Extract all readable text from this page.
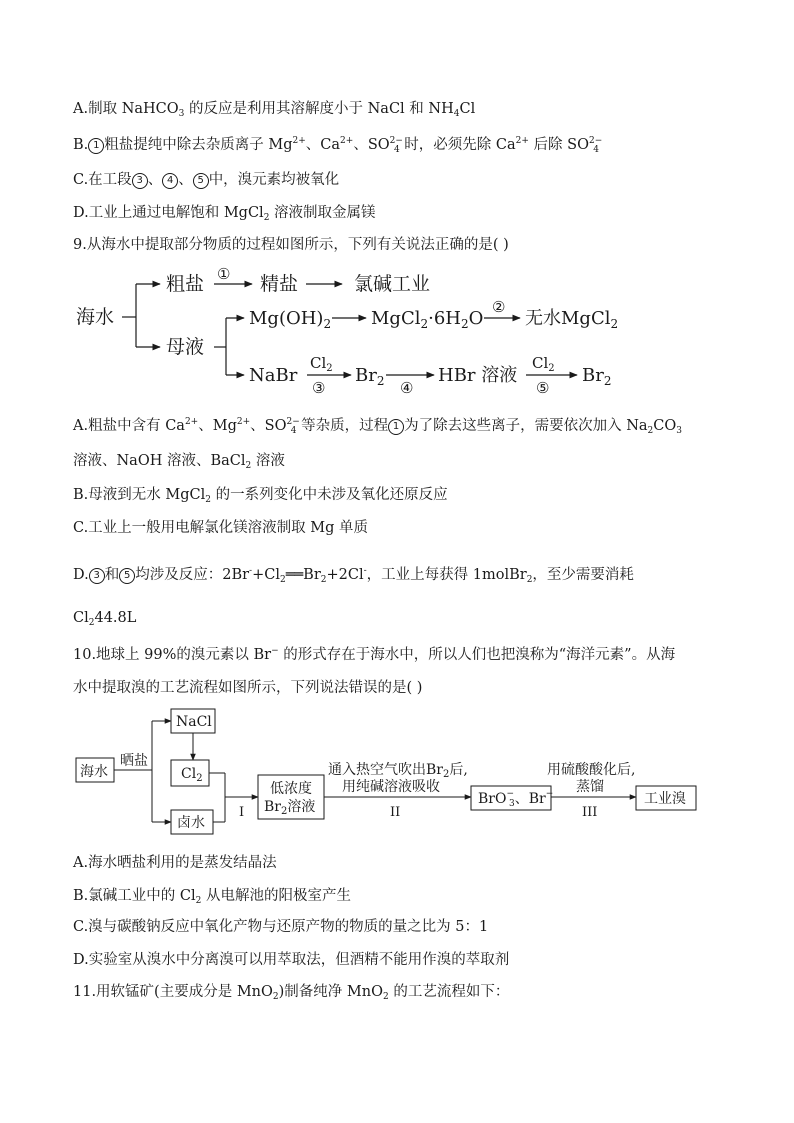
A.制取 NaHCO$_3$ 的反应是利用其溶解度小于 NaCl 和 $NH_4Cl$
B. 1 粗盐提纯中除去杂质离子 $Mg^{2+}$、$Ca^{2+}$、$SO^{2-}_4$ 时，必须先除 $Ca^{2+}$ 后除 $SO^{2-}_4$
C.在工段 3 、 4 、 5 中，溴元素均被氧化
D.工业上通过电解饱和 MgCl$_2$ 溶液制取金属镁
9.从海水中提取部分物质的过程如图所示，下列有关说法正确的是( )
海水
粗盐 ① 精盐	氯碱工业
母液
$Mg(OH)_2$ $MgCl_2\cdot 6H_2O$
②
无水MgCl$_2$
NaBr
$Cl_2$
③
$Br_2$ ④
HBr 溶液
$Cl_2$
⑤
$Br_2$
A.粗盐中含有 $Ca^{2+}$、$Mg^{2+}$、$SO^{2-}_4$ 等杂质，过程 1 为了除去这些离子，需要依次加入 $Na_2CO_3$
溶液、NaOH 溶液、BaCl$_2$ 溶液
B.母液到无水 MgCl$_2$ 的一系列变化中未涉及氧化还原反应
C.工业上一般用电解氯化镁溶液制取 Mg 单质
D. 3 和 5 均涉及反应：$2Br^-+Cl_2══Br_2+2Cl^-$，工业上每获得 1molBr$_2$，至少需要消耗
$Cl_244.8L$
10.地球上 99%的溴元素以 Br− 的形式存在于海水中，所以人们也把溴称为“海洋元素”。从海
水中提取溴的工艺流程如图所示，下列说法错误的是( )
海水
晒盐
NaCl
$Cl_2$
卤水
I
低浓度
$Br_2$溶液
通入热空气吹出$Br_2$后,
用纯碱溶液吸收
II
BrO− 3、Br−
用硫酸酸化后,
蒸馏
III
工业溴
A.海水晒盐利用的是蒸发结晶法
B.氯碱工业中的 $Cl_2$ 从电解池的阳极室产生
C.溴与碳酸钠反应中氧化产物与还原产物的物质的量之比为 5：1
D.实验室从溴水中分离溴可以用萃取法，但酒精不能用作溴的萃取剂
11.用软锰矿(主要成分是 MnO$_2$)制备纯净 MnO$_2$ 的工艺流程如下：
